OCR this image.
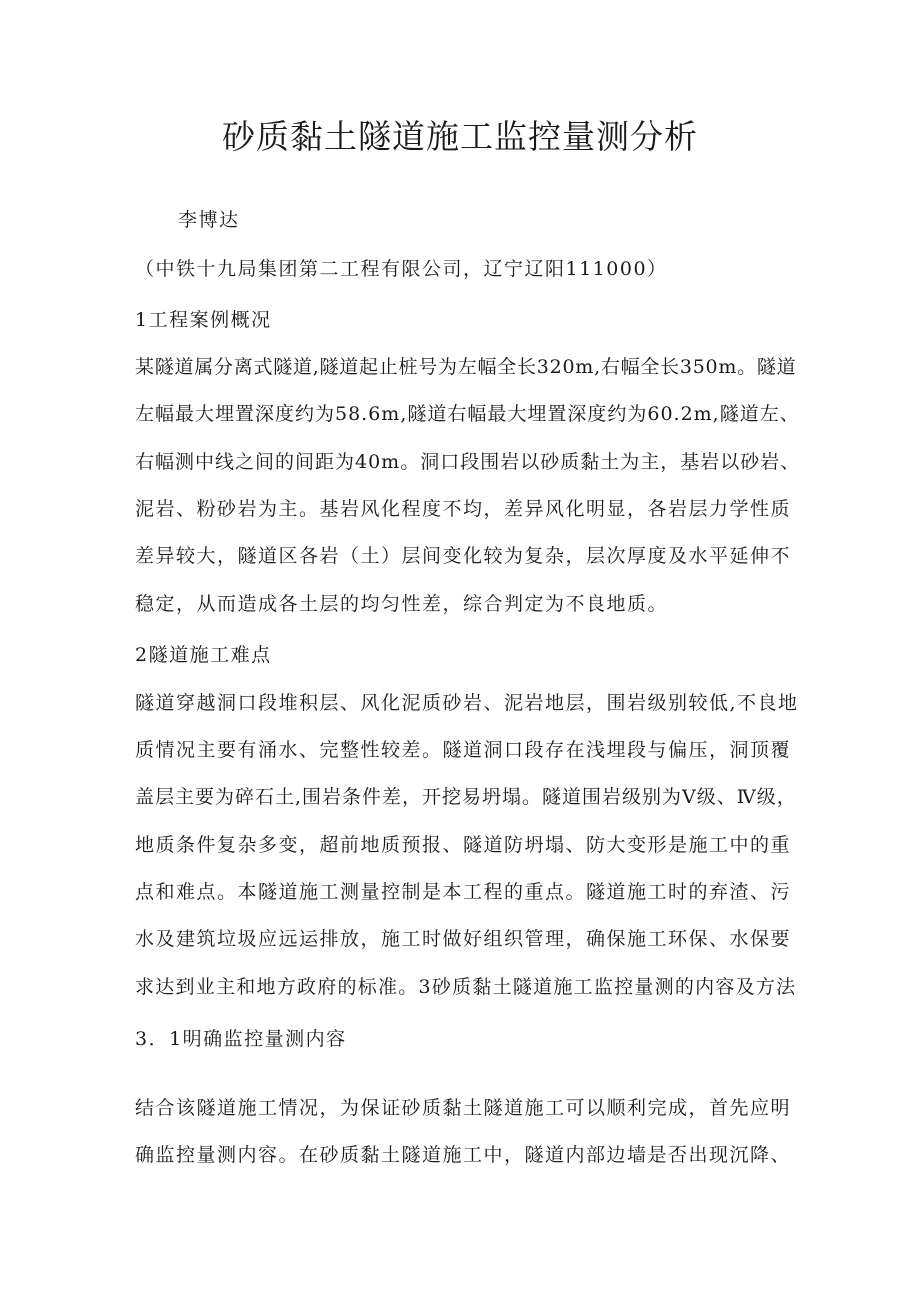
砂质黏土隧道施工监控量测分析
李博达
（中铁十九局集团第二工程有限公司，辽宁辽阳111000）
1工程案例概况
某隧道属分离式隧道,隧道起止桩号为左幅全长320m,右幅全长350m。隧道
左幅最大埋置深度约为58.6m,隧道右幅最大埋置深度约为60.2m,隧道左、
右幅测中线之间的间距为40m。洞口段围岩以砂质黏土为主，基岩以砂岩、
泥岩、粉砂岩为主。基岩风化程度不均，差异风化明显，各岩层力学性质
差异较大，隧道区各岩（土）层间变化较为复杂，层次厚度及水平延伸不
稳定，从而造成各土层的均匀性差，综合判定为不良地质。
2隧道施工难点
隧道穿越洞口段堆积层、风化泥质砂岩、泥岩地层，围岩级别较低,不良地
质情况主要有涌水、完整性较差。隧道洞口段存在浅埋段与偏压，洞顶覆
盖层主要为碎石土,围岩条件差，开挖易坍塌。隧道围岩级别为Ⅴ级、Ⅳ级，
地质条件复杂多变，超前地质预报、隧道防坍塌、防大变形是施工中的重
点和难点。本隧道施工测量控制是本工程的重点。隧道施工时的弃渣、污
水及建筑垃圾应远运排放，施工时做好组织管理，确保施工环保、水保要
求达到业主和地方政府的标准。3砂质黏土隧道施工监控量测的内容及方法
3．1明确监控量测内容
结合该隧道施工情况，为保证砂质黏土隧道施工可以顺利完成，首先应明
确监控量测内容。在砂质黏土隧道施工中，隧道内部边墙是否出现沉降、
